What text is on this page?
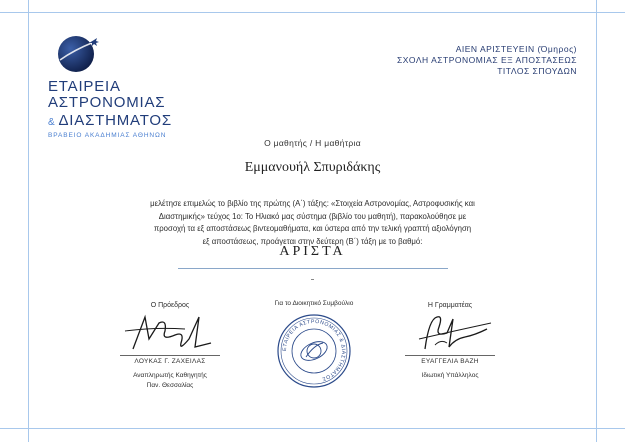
ΕΤΑΙΡΕΙΑ
ΑΣΤΡΟΝΟΜΙΑΣ
& ΔΙΑΣΤΗΜΑΤΟΣ
ΒΡΑΒΕΙΟ ΑΚΑΔΗΜΙΑΣ ΑΘΗΝΩΝ
ΑΙΕΝ ΑΡΙΣΤΕΥΕΙΝ (Όμηρος)
ΣΧΟΛΗ ΑΣΤΡΟΝΟΜΙΑΣ ΕΞ ΑΠΟΣΤΑΣΕΩΣ
ΤΙΤΛΟΣ ΣΠΟΥΔΩΝ
Ο μαθητής / Η μαθήτρια
Εμμανουήλ Σπυριδάκης
μελέτησε επιμελώς το βιβλίο της πρώτης (Α΄) τάξης: «Στοιχεία Αστρονομίας, Αστροφυσικής και Διαστημικής» τεύχος 1ο: Το Ηλιακό μας σύστημα (βιβλίο του μαθητή), παρακολούθησε με προσοχή τα εξ αποστάσεως βιντεομαθήματα, και ύστερα από την τελική γραπτή αξιολόγηση εξ αποστάσεως, προάγεται στην δεύτερη (Β΄) τάξη με το βαθμό:
ΑΡΙΣΤΑ
Ο Πρόεδρος
ΛΟΥΚΑΣ Γ. ΖΑΧΕΙΛΑΣ
Αναπληρωτής Καθηγητής
Παν. Θεσσαλίας
Για το Διοικητικό Συμβούλιο
ΕΤΑΙΡΕΙΑ ΑΣΤΡΟΝΟΜΙΑΣ & ΔΙΑΣΤΗΜΑΤΟΣ
Η Γραμματέας
ΕΥΑΓΓΕΛΙΑ ΒΑΖΗ
Ιδιωτική Υπάλληλος
